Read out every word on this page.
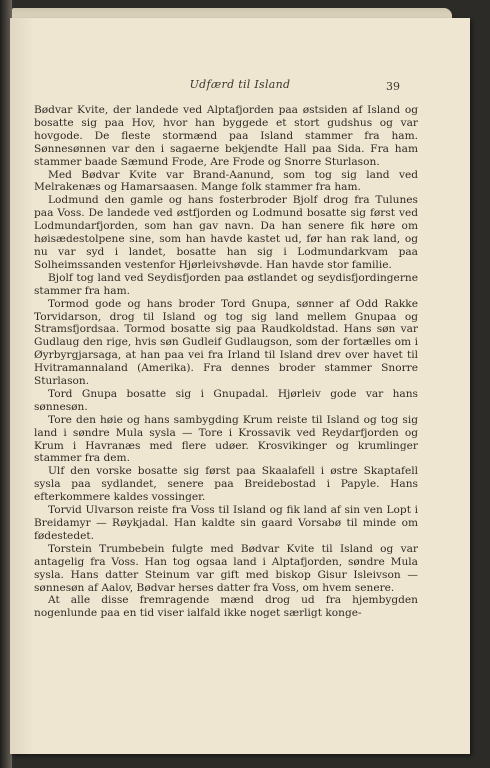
Udfærd til Island	39

Bødvar Kvite, der landede ved Alptafjorden paa østsiden af Island og bosatte sig paa Hov, hvor han byggede et stort gudshus og var hovgode. De fleste stormænd paa Island stammer fra ham. Sønnesønnen var den i sagaerne bekjendte Hall paa Sida. Fra ham stammer baade Sæmund Frode, Are Frode og Snorre Sturlason.

Med Bødvar Kvite var Brand-Aanund, som tog sig land ved Melrakenæs og Hamarsaasen. Mange folk stammer fra ham.

Lodmund den gamle og hans fosterbroder Bjolf drog fra Tulunes paa Voss. De landede ved østfjorden og Lodmund bosatte sig først ved Lodmundarfjorden, som han gav navn. Da han senere fik høre om høisædestolpene sine, som han havde kastet ud, før han rak land, og nu var syd i landet, bosatte han sig i Lodmundarkvam paa Solheimssanden vestenfor Hjørleivshøvde. Han havde stor familie.

Bjolf tog land ved Seydisfjorden paa østlandet og seydisfjordingerne stammer fra ham.

Tormod gode og hans broder Tord Gnupa, sønner af Odd Rakke Torvidarson, drog til Island og tog sig land mellem Gnupaa og Stramsfjordsaa. Tormod bosatte sig paa Raudkoldstad. Hans søn var Gudlaug den rige, hvis søn Gudleif Gudlaugson, som der fortælles om i Øyrbyrgjarsaga, at han paa vei fra Irland til Island drev over havet til Hvitramannaland (Amerika). Fra dennes broder stammer Snorre Sturlason.

Tord Gnupa bosatte sig i Gnupadal. Hjørleiv gode var hans sønnesøn.

Tore den høie og hans sambygding Krum reiste til Island og tog sig land i søndre Mula sysla — Tore i Krossavik ved Reydarfjorden og Krum i Havranæs med flere udøer. Krosvikinger og krumlinger stammer fra dem.

Ulf den vorske bosatte sig først paa Skaalafell i østre Skaptafell sysla paa sydlandet, senere paa Breidebostad i Papyle. Hans efterkommere kaldes vossinger.

Torvid Ulvarson reiste fra Voss til Island og fik land af sin ven Lopt i Breidamyr — Røykjadal. Han kaldte sin gaard Vorsabø til minde om fødestedet.

Torstein Trumbebein fulgte med Bødvar Kvite til Island og var antagelig fra Voss. Han tog ogsaa land i Alptafjorden, søndre Mula sysla. Hans datter Steinum var gift med biskop Gisur Isleivson — sønnesøn af Aalov, Bødvar herses datter fra Voss, om hvem senere.

At alle disse fremragende mænd drog ud fra hjembygden nogenlunde paa en tid viser ialfald ikke noget særligt konge-
